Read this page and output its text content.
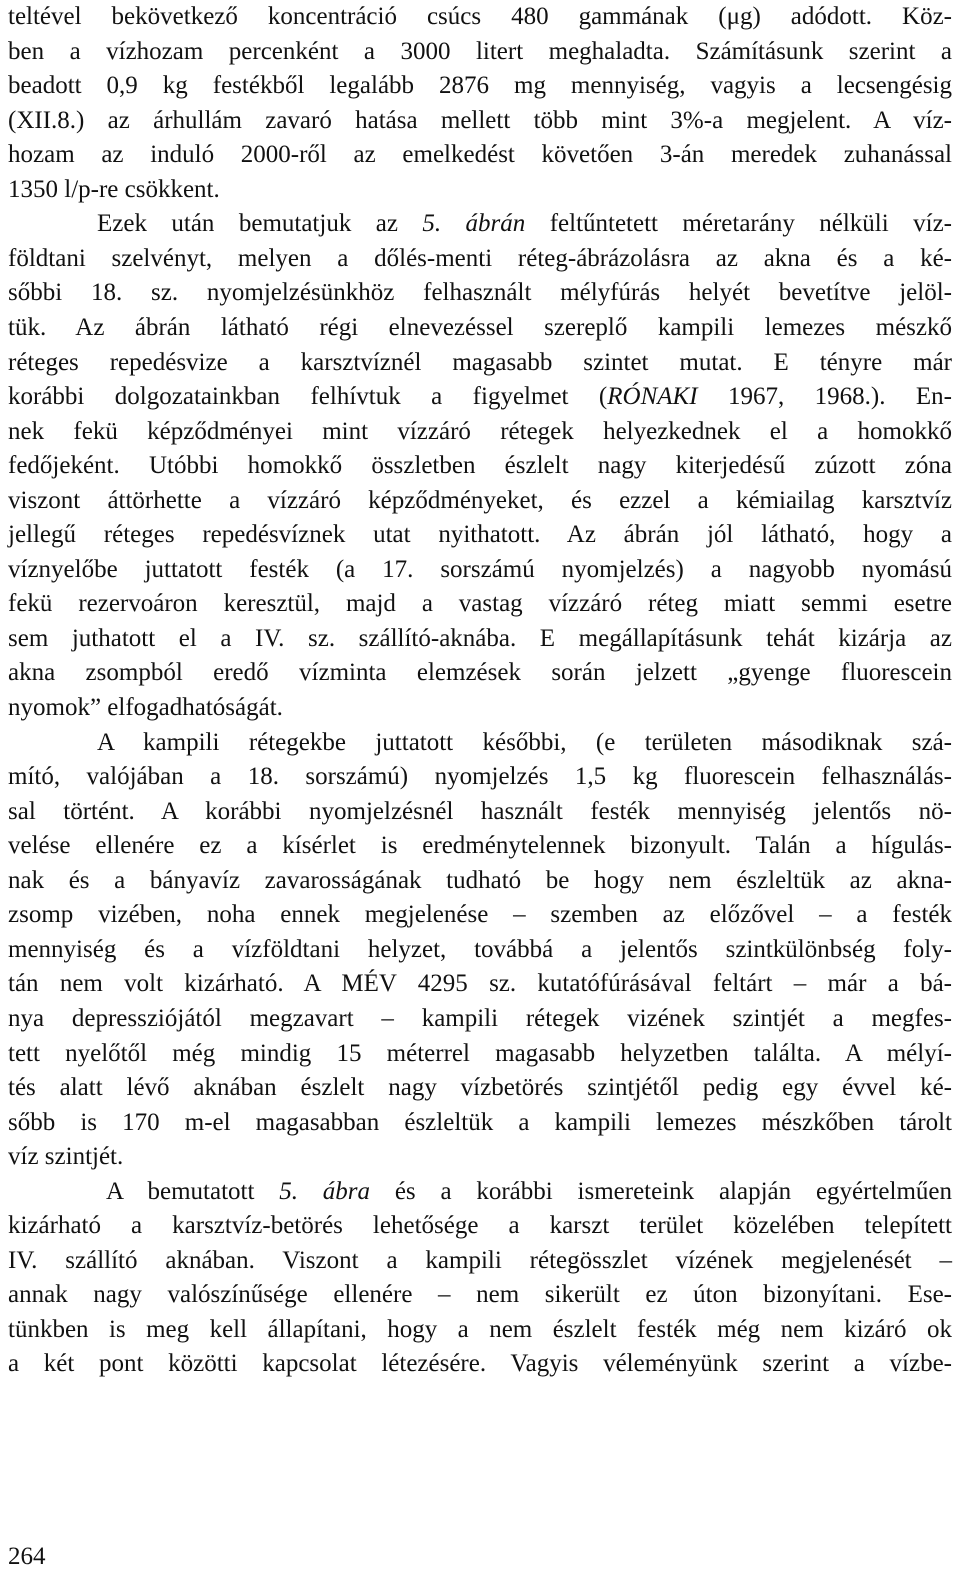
teltével bekövetkező koncentráció csúcs 480 gammának (μg) adódott. Köz-
ben a vízhozam percenként a 3000 litert meghaladta. Számításunk szerint a
beadott 0,9 kg festékből legalább 2876 mg mennyiség, vagyis a lecsengésig
(XII.8.) az árhullám zavaró hatása mellett több mint 3%-a megjelent. A víz-
hozam az induló 2000-ről az emelkedést követően 3-án meredek zuhanással
1350 l/p-re csökkent.
Ezek után bemutatjuk az 5. ábrán feltűntetett méretarány nélküli víz-
földtani szelvényt, melyen a dőlés-menti réteg-ábrázolásra az akna és a ké-
sőbbi 18. sz. nyomjelzésünkhöz felhasznált mélyfúrás helyét bevetítve jelöl-
tük. Az ábrán látható régi elnevezéssel szereplő kampili lemezes mészkő
réteges repedésvize a karsztvíznél magasabb szintet mutat. E tényre már
korábbi dolgozatainkban felhívtuk a figyelmet (RÓNAKI 1967, 1968.). En-
nek fekü képződményei mint vízzáró rétegek helyezkednek el a homokkő
fedőjeként. Utóbbi homokkő összletben észlelt nagy kiterjedésű zúzott zóna
viszont áttörhette a vízzáró képződményeket, és ezzel a kémiailag karsztvíz
jellegű réteges repedésvíznek utat nyithatott. Az ábrán jól látható, hogy a
víznyelőbe juttatott festék (a 17. sorszámú nyomjelzés) a nagyobb nyomású
fekü rezervoáron keresztül, majd a vastag vízzáró réteg miatt semmi esetre
sem juthatott el a IV. sz. szállító-aknába. E megállapításunk tehát kizárja az
akna zsompból eredő vízminta elemzések során jelzett „gyenge fluorescein
nyomok” elfogadhatóságát.
A kampili rétegekbe juttatott későbbi, (e területen másodiknak szá-
mító, valójában a 18. sorszámú) nyomjelzés 1,5 kg fluorescein felhasználás-
sal történt. A korábbi nyomjelzésnél használt festék mennyiség jelentős nö-
velése ellenére ez a kísérlet is eredménytelennek bizonyult. Talán a hígulás-
nak és a bányavíz zavarosságának tudható be hogy nem észleltük az akna-
zsomp vizében, noha ennek megjelenése – szemben az előzővel – a festék
mennyiség és a vízföldtani helyzet, továbbá a jelentős szintkülönbség foly-
tán nem volt kizárható. A MÉV 4295 sz. kutatófúrásával feltárt – már a bá-
nya depressziójától megzavart – kampili rétegek vizének szintjét a megfes-
tett nyelőtől még mindig 15 méterrel magasabb helyzetben találta. A mélyí-
tés alatt lévő aknában észlelt nagy vízbetörés szintjétől pedig egy évvel ké-
sőbb is 170 m-el magasabban észleltük a kampili lemezes mészkőben tárolt
víz szintjét.
A bemutatott 5. ábra és a korábbi ismereteink alapján egyértelműen
kizárható a karsztvíz-betörés lehetősége a karszt terület közelében telepített
IV. szállító aknában. Viszont a kampili rétegösszlet vízének megjelenését –
annak nagy valószínűsége ellenére – nem sikerült ez úton bizonyítani. Ese-
tünkben is meg kell állapítani, hogy a nem észlelt festék még nem kizáró ok
a két pont közötti kapcsolat létezésére. Vagyis véleményünk szerint a vízbe-
264
